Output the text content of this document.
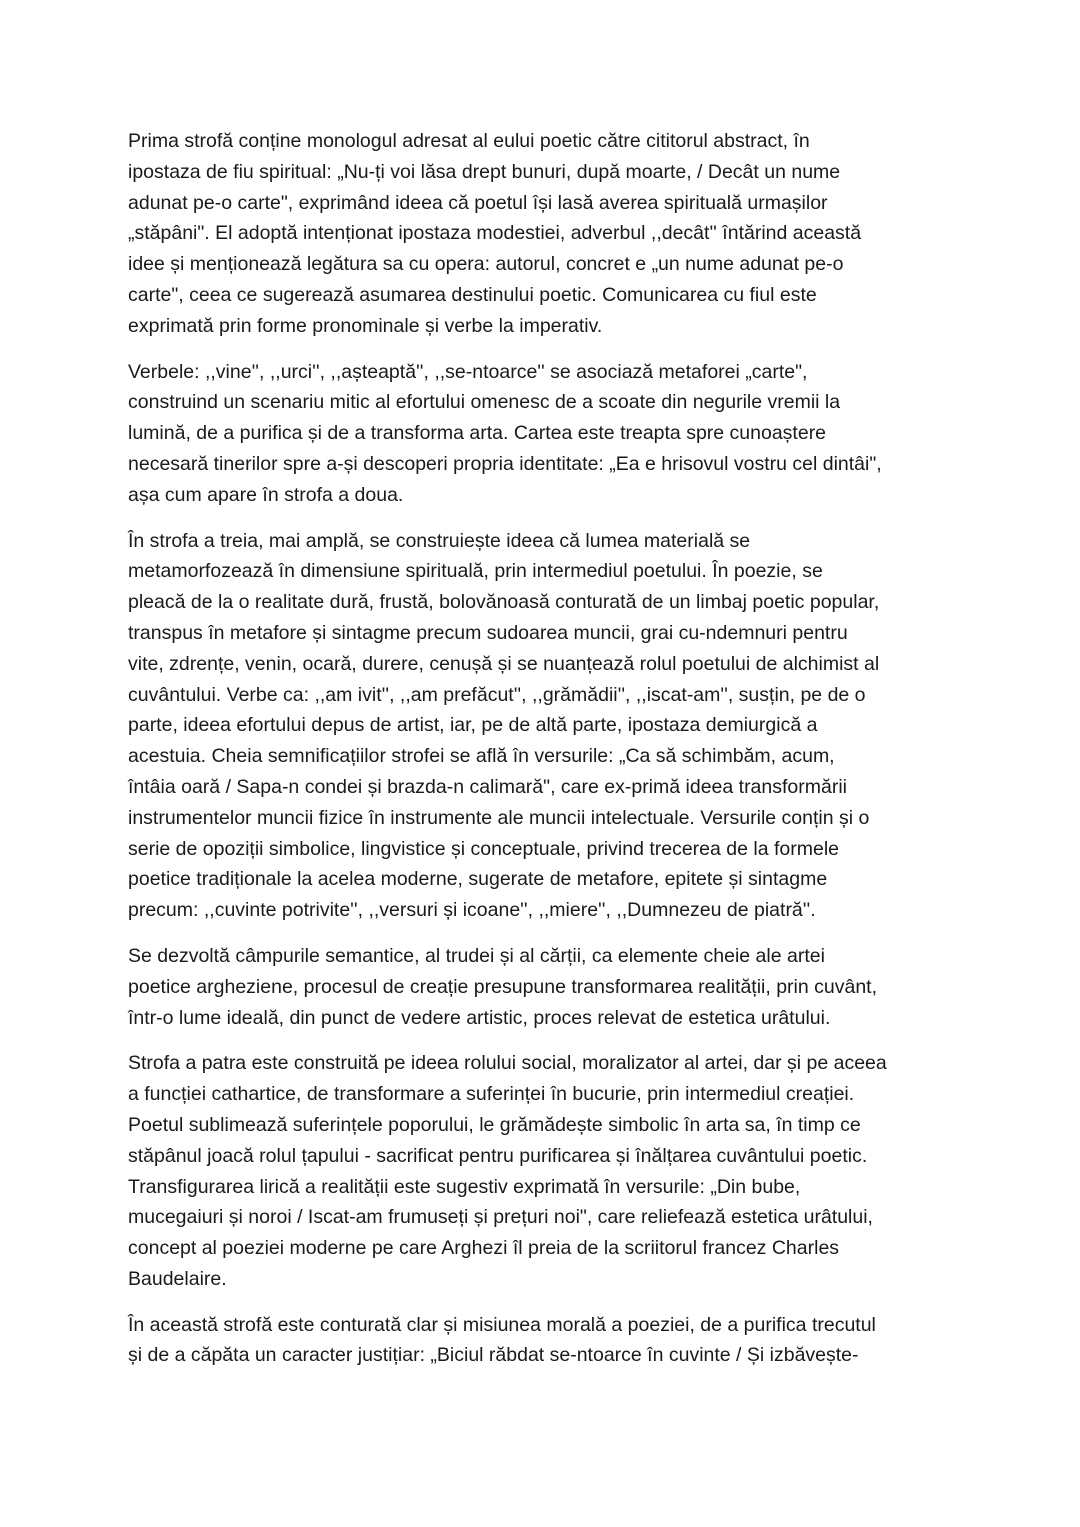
Prima strofă conține monologul adresat al eului poetic către cititorul abstract, în
ipostaza de fiu spiritual: „Nu-ți voi lăsa drept bunuri, după moarte, / Decât un nume
adunat pe-o carte", exprimând ideea că poetul își lasă averea spirituală urmașilor
„stăpâni". El adoptă intenționat ipostaza modestiei, adverbul ,,decât'' întărind această
idee și menționează legătura sa cu opera: autorul, concret e „un nume adunat pe-o
carte", ceea ce sugerează asumarea destinului poetic. Comunicarea cu fiul este
exprimată prin forme pronominale și verbe la imperativ.

Verbele: ,,vine'', ,,urci'', ,,așteaptă'', ,,se-ntoarce'' se asociază metaforei „carte",
construind un scenariu mitic al efortului omenesc de a scoate din negurile vremii la
lumină, de a purifica și de a transforma arta. Cartea este treapta spre cunoaștere
necesară tinerilor spre a-și descoperi propria identitate: „Ea e hrisovul vostru cel dintâi",
așa cum apare în strofa a doua.

În strofa a treia, mai amplă, se construiește ideea că lumea materială se
metamorfozează în dimensiune spirituală, prin intermediul poetului. În poezie, se
pleacă de la o realitate dură, frustă, bolovănoasă conturată de un limbaj poetic popular,
transpus în metafore și sintagme precum sudoarea muncii, grai cu-ndemnuri pentru
vite, zdrențe, venin, ocară, durere, cenușă și se nuanțează rolul poetului de alchimist al
cuvântului. Verbe ca: ,,am ivit'', ,,am prefăcut'', ,,grămădii'', ,,iscat-am'', susțin, pe de o
parte, ideea efortului depus de artist, iar, pe de altă parte, ipostaza demiurgică a
acestuia. Cheia semnificațiilor strofei se află în versurile: „Ca să schimbăm, acum,
întâia oară / Sapa-n condei și brazda-n calimară", care ex-primă ideea transformării
instrumentelor muncii fizice în instrumente ale muncii intelectuale. Versurile conțin și o
serie de opoziții simbolice, lingvistice și conceptuale, privind trecerea de la formele
poetice tradiționale la acelea moderne, sugerate de metafore, epitete și sintagme
precum: ,,cuvinte potrivite'', ,,versuri și icoane'', ,,miere'', ,,Dumnezeu de piatră''.

Se dezvoltă câmpurile semantice, al trudei și al cărții, ca elemente cheie ale artei
poetice argheziene, procesul de creație presupune transformarea realității, prin cuvânt,
într-o lume ideală, din punct de vedere artistic, proces relevat de estetica urâtului.

Strofa a patra este construită pe ideea rolului social, moralizator al artei, dar și pe aceea
a funcției cathartice, de transformare a suferinței în bucurie, prin intermediul creației.
Poetul sublimează suferințele poporului, le grămădește simbolic în arta sa, în timp ce
stăpânul joacă rolul țapului - sacrificat pentru purificarea și înălțarea cuvântului poetic.
Transfigurarea lirică a realității este sugestiv exprimată în versurile: „Din bube,
mucegaiuri și noroi / Iscat-am frumuseți și prețuri noi", care reliefează estetica urâtului,
concept al poeziei moderne pe care Arghezi îl preia de la scriitorul francez Charles
Baudelaire.

În această strofă este conturată clar și misiunea morală a poeziei, de a purifica trecutul
și de a căpăta un caracter justițiar: „Biciul răbdat se-ntoarce în cuvinte / Și izbăvește-
